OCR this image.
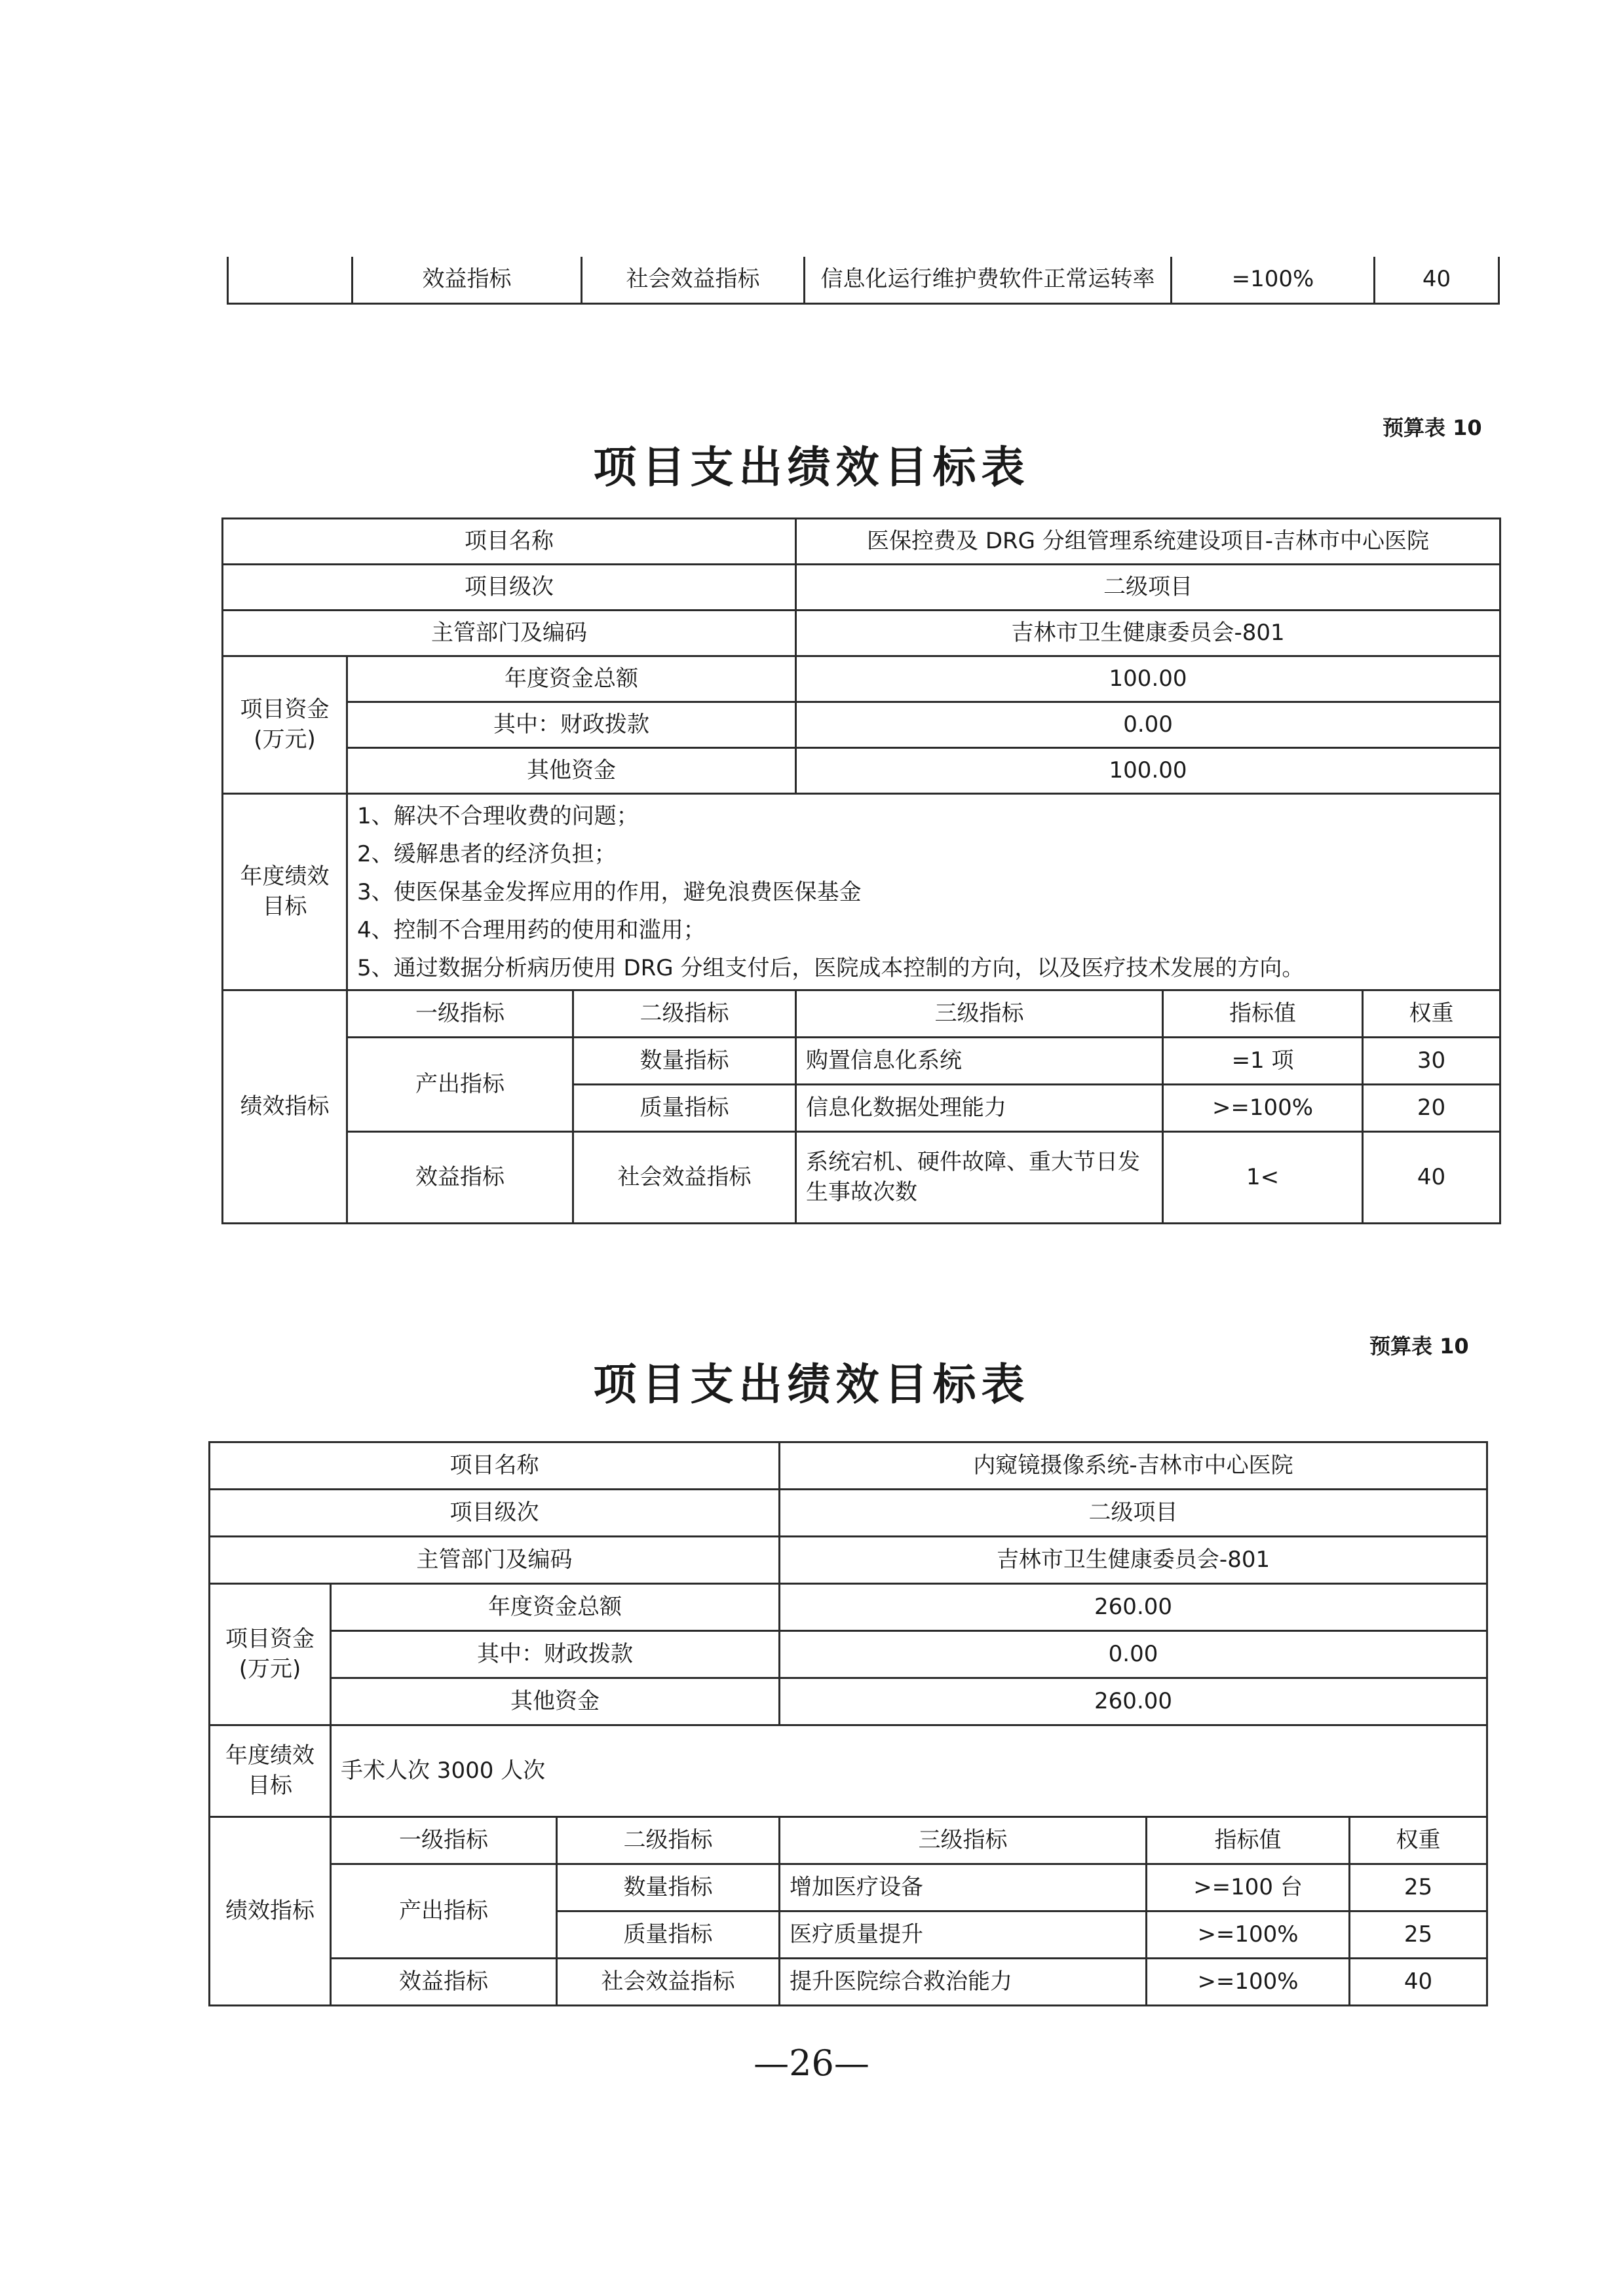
	效益指标	社会效益指标	信息化运行维护费软件正常运转率	=100%	40
预算表 10
项目支出绩效目标表
项目名称			医保控费及 DRG 分组管理系统建设项目-吉林市中心医院		
项目级次			二级项目		
主管部门及编码			吉林市卫生健康委员会-801		
项目资金
(万元)	年度资金总额		100.00		
	其中：财政拨款		0.00		
	其他资金		100.00		
年度绩效
目标	1、解决不合理收费的问题；
2、缓解患者的经济负担；
3、使医保基金发挥应用的作用，避免浪费医保基金
4、控制不合理用药的使用和滥用；
5、通过数据分析病历使用 DRG 分组支付后，医院成本控制的方向，以及医疗技术发展的方向。				

绩效指标	一级指标	二级指标	三级指标	指标值	权重
	产出指标	数量指标	购置信息化系统	=1 项	30
		质量指标	信息化数据处理能力	>=100%	20
	效益指标	社会效益指标	系统宕机、硬件故障、重大节日发生事故次数	1<	40
预算表 10
项目支出绩效目标表
项目名称			内窥镜摄像系统-吉林市中心医院		
项目级次			二级项目		
主管部门及编码			吉林市卫生健康委员会-801		
项目资金
(万元)	年度资金总额		260.00		
	其中：财政拨款		0.00		
	其他资金		260.00		
年度绩效
目标	手术人次 3000 人次				
绩效指标	一级指标	二级指标	三级指标	指标值	权重
	产出指标	数量指标	增加医疗设备	>=100 台	25
		质量指标	医疗质量提升	>=100%	25
	效益指标	社会效益指标	提升医院综合救治能力	>=100%	40
—26—
